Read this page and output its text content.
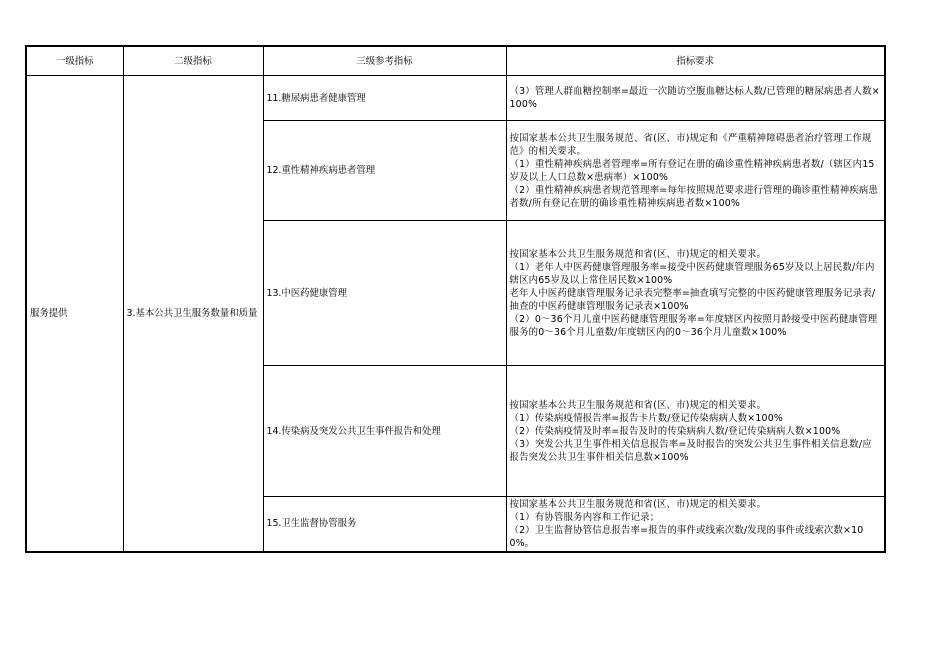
一级指标	二级指标	三级参考指标	指标要求
服务提供	3.基本公共卫生服务数量和质量	11.糖尿病患者健康管理	（3）管理人群血糖控制率=最近一次随访空腹血糖达标人数/已管理的糖尿病患者人数×100%

		12.重性精神疾病患者管理	按国家基本公共卫生服务规范、省(区、市)规定和《严重精神障碍患者治疗管理工作规范》的相关要求。
（1）重性精神疾病患者管理率=所有登记在册的确诊重性精神疾病患者数/（辖区内15岁及以上人口总数×患病率）×100%
（2）重性精神疾病患者规范管理率=每年按照规范要求进行管理的确诊重性精神疾病患者数/所有登记在册的确诊重性精神疾病患者数×100%

		13.中医药健康管理	按国家基本公共卫生服务规范和省(区、市)规定的相关要求。
（1）老年人中医药健康管理服务率=接受中医药健康管理服务65岁及以上居民数/年内辖区内65岁及以上常住居民数×100%
老年人中医药健康管理服务记录表完整率=抽查填写完整的中医药健康管理服务记录表/抽查的中医药健康管理服务记录表×100%
（2）0～36个月儿童中医药健康管理服务率=年度辖区内按照月龄接受中医药健康管理服务的0～36个月儿童数/年度辖区内的0～36个月儿童数×100%

		14.传染病及突发公共卫生事件报告和处理	按国家基本公共卫生服务规范和省(区、市)规定的相关要求。
（1）传染病疫情报告率=报告卡片数/登记传染病病人数×100%
（2）传染病疫情及时率=报告及时的传染病病人数/登记传染病病人数×100%
（3）突发公共卫生事件相关信息报告率=及时报告的突发公共卫生事件相关信息数/应报告突发公共卫生事件相关信息数×100%

		15.卫生监督协管服务	按国家基本公共卫生服务规范和省(区、市)规定的相关要求。
（1）有协管服务内容和工作记录；
（2）卫生监督协管信息报告率=报告的事件或线索次数/发现的事件或线索次数×100%。
